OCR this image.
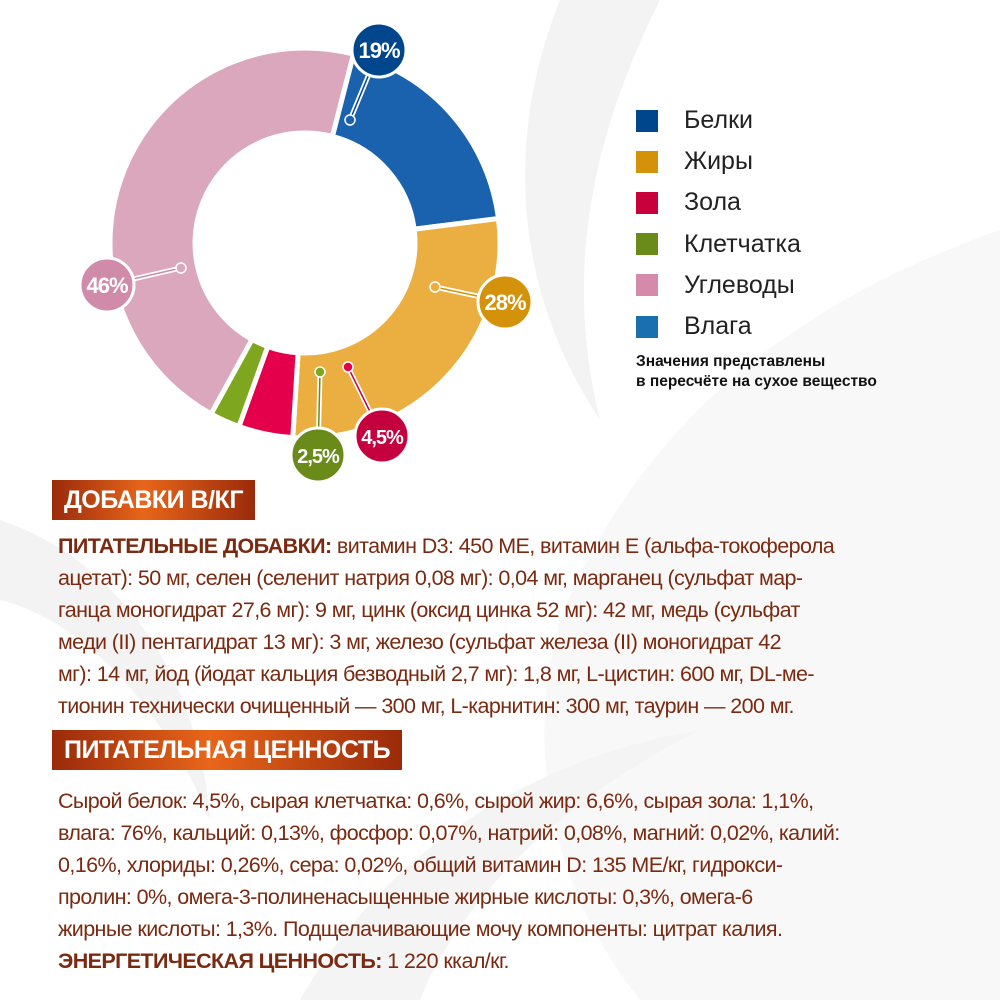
19%
28%
4,5%
2,5%
46%
Белки
Жиры
Зола
Клетчатка
Углеводы
Влага
Значения представлены
в пересчёте на сухое вещество
ДОБАВКИ В/КГ
ПИТАТЕЛЬНЫЕ ДОБАВКИ: витамин D3: 450 МЕ, витамин Е (альфа-токоферола
ацетат): 50 мг, селен (селенит натрия 0,08 мг): 0,04 мг, марганец (сульфат мар-
ганца моногидрат 27,6 мг): 9 мг, цинк (оксид цинка 52 мг): 42 мг, медь (сульфат
меди (II) пентагидрат 13 мг): 3 мг, железо (сульфат железа (II) моногидрат 42
мг): 14 мг, йод (йодат кальция безводный 2,7 мг): 1,8 мг, L-цистин: 600 мг, DL-ме-
тионин технически очищенный — 300 мг, L-карнитин: 300 мг, таурин — 200 мг.
ПИТАТЕЛЬНАЯ ЦЕННОСТЬ
Сырой белок: 4,5%, сырая клетчатка: 0,6%, сырой жир: 6,6%, сырая зола: 1,1%,
влага: 76%, кальций: 0,13%, фосфор: 0,07%, натрий: 0,08%, магний: 0,02%, калий:
0,16%, хлориды: 0,26%, сера: 0,02%, общий витамин D: 135 МЕ/кг, гидрокси-
пролин: 0%, омега-3-полиненасыщенные жирные кислоты: 0,3%, омега-6
жирные кислоты: 1,3%. Подщелачивающие мочу компоненты: цитрат калия.
ЭНЕРГЕТИЧЕСКАЯ ЦЕННОСТЬ: 1 220 ккал/кг.
